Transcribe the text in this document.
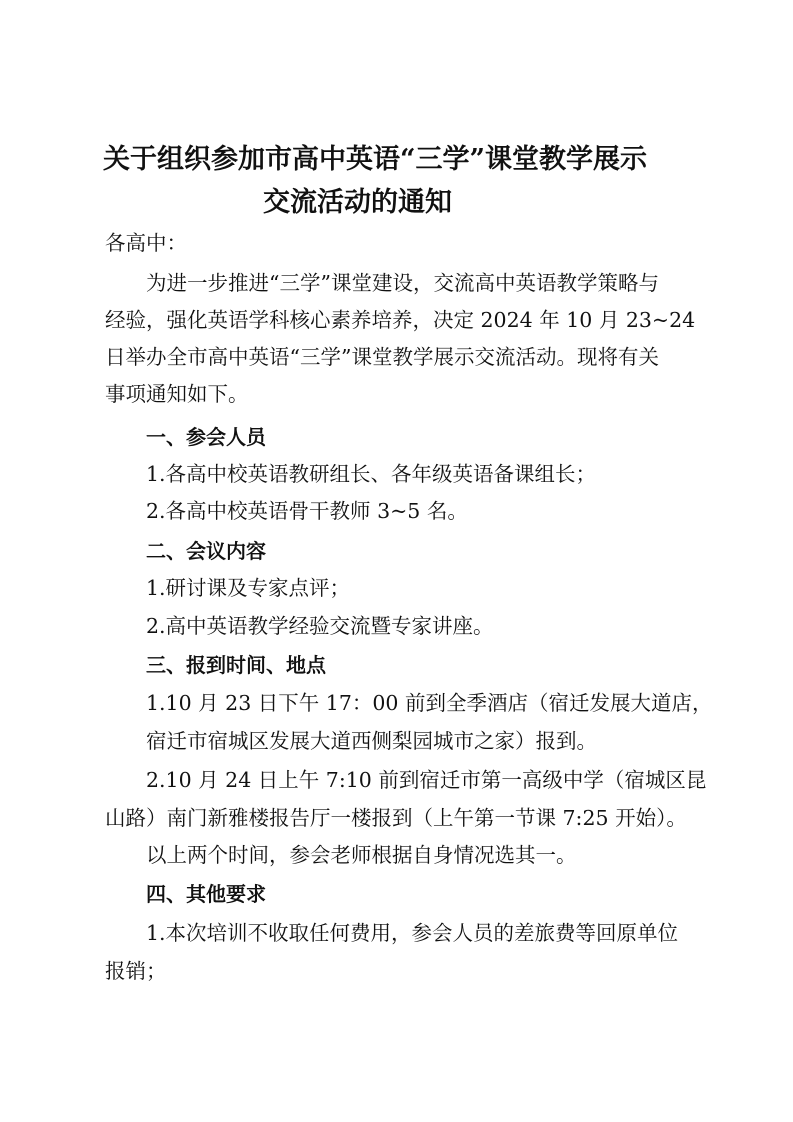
关于组织参加市高中英语“三学”课堂教学展示
交流活动的通知
各高中：
为进一步推进“三学”课堂建设，交流高中英语教学策略与
经验，强化英语学科核心素养培养，决定 2024 年 10 月 23~24
日举办全市高中英语“三学”课堂教学展示交流活动。现将有关
事项通知如下。
一、参会人员
1.各高中校英语教研组长、各年级英语备课组长；
2.各高中校英语骨干教师 3~5 名。
二、会议内容
1.研讨课及专家点评；
2.高中英语教学经验交流暨专家讲座。
三、报到时间、地点
1.10 月 23 日下午 17：00 前到全季酒店（宿迁发展大道店，
宿迁市宿城区发展大道西侧梨园城市之家）报到。
2.10 月 24 日上午 7:10 前到宿迁市第一高级中学（宿城区昆
山路）南门新雅楼报告厅一楼报到（上午第一节课 7:25 开始）。
以上两个时间，参会老师根据自身情况选其一。
四、其他要求
1.本次培训不收取任何费用，参会人员的差旅费等回原单位
报销；
